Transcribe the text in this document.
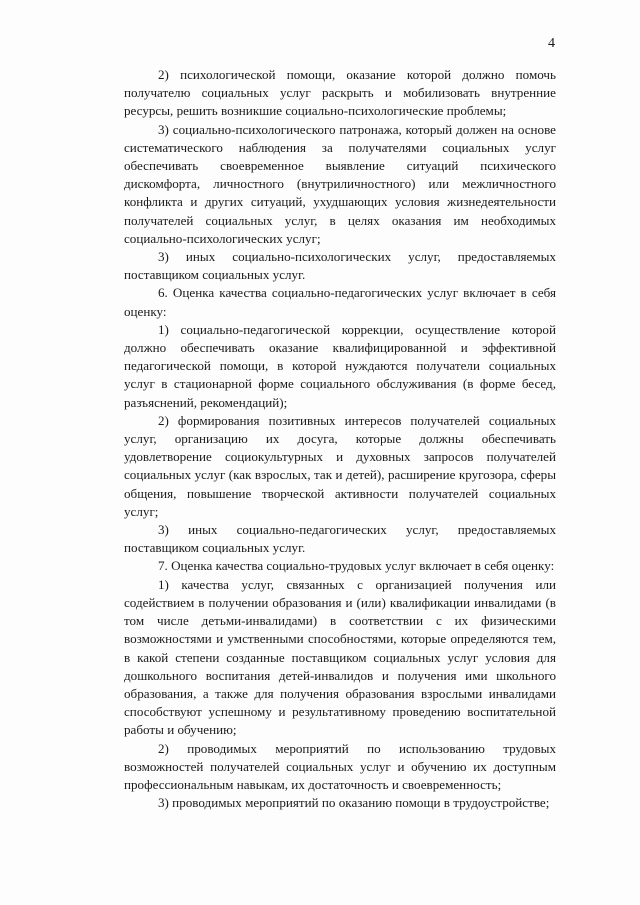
4

2) психологической помощи, оказание которой должно помочь получателю социальных услуг раскрыть и мобилизовать внутренние ресурсы, решить возникшие социально-психологические проблемы;

3) социально-психологического патронажа, который должен на основе систематического наблюдения за получателями социальных услуг обеспечивать своевременное выявление ситуаций психического дискомфорта, личностного (внутриличностного) или межличностного конфликта и других ситуаций, ухудшающих условия жизнедеятельности получателей социальных услуг, в целях оказания им необходимых социально-психологических услуг;

3) иных социально-психологических услуг, предоставляемых поставщиком социальных услуг.

6. Оценка качества социально-педагогических услуг включает в себя оценку:

1) социально-педагогической коррекции, осуществление которой должно обеспечивать оказание квалифицированной и эффективной педагогической помощи, в которой нуждаются получатели социальных услуг в стационарной форме социального обслуживания (в форме бесед, разъяснений, рекомендаций);

2) формирования позитивных интересов получателей социальных услуг, организацию их досуга, которые должны обеспечивать удовлетворение социокультурных и духовных запросов получателей социальных услуг (как взрослых, так и детей), расширение кругозора, сферы общения, повышение творческой активности получателей социальных услуг;

3) иных социально-педагогических услуг, предоставляемых поставщиком социальных услуг.

7. Оценка качества социально-трудовых услуг включает в себя оценку:

1) качества услуг, связанных с организацией получения или содействием в получении образования и (или) квалификации инвалидами (в том числе детьми-инвалидами) в соответствии с их физическими возможностями и умственными способностями, которые определяются тем, в какой степени созданные поставщиком социальных услуг условия для дошкольного воспитания детей-инвалидов и получения ими школьного образования, а также для получения образования взрослыми инвалидами способствуют успешному и результативному проведению воспитательной работы и обучению;

2) проводимых мероприятий по использованию трудовых возможностей получателей социальных услуг и обучению их доступным профессиональным навыкам, их достаточность и своевременность;

3) проводимых мероприятий по оказанию помощи в трудоустройстве;
